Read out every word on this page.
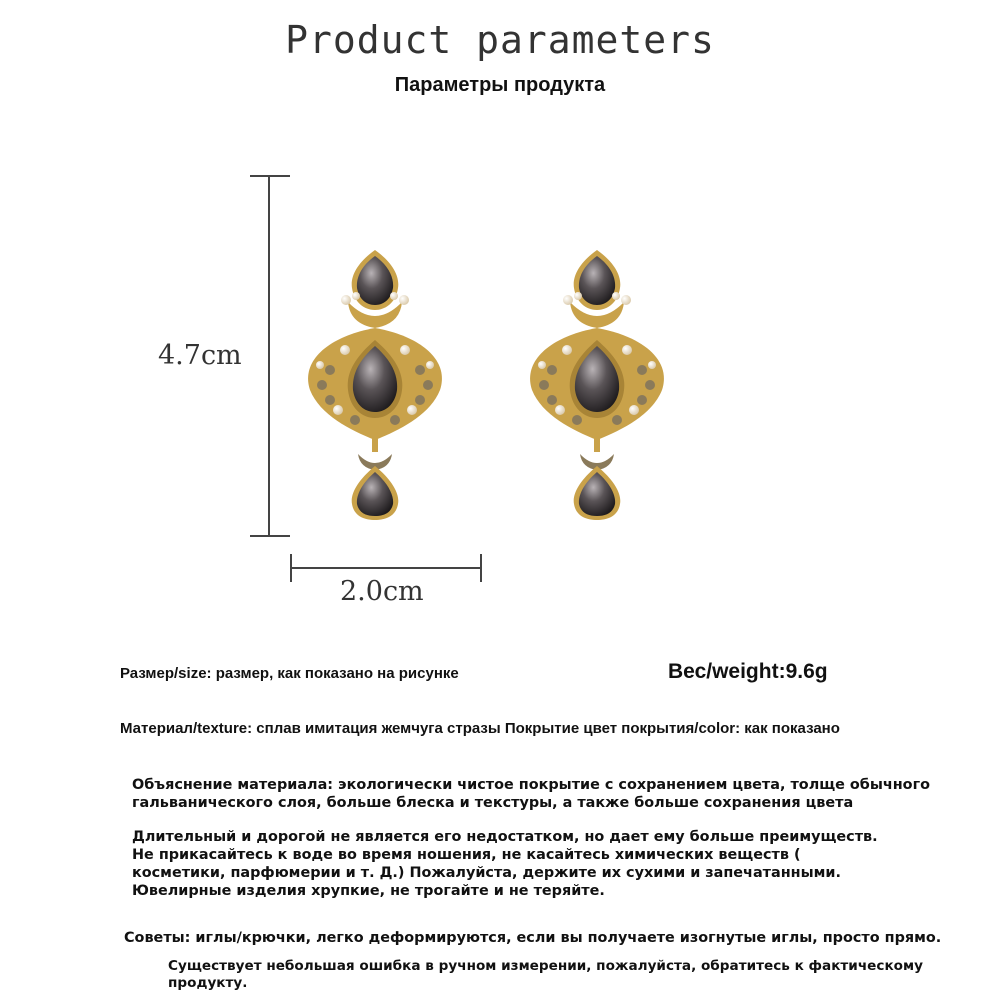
Product parameters
Параметры продукта
4.7cm
2.0cm
Размер/size: размер, как показано на рисунке	Вес/weight:9.6g
Материал/texture: сплав имитация жемчуга стразы Покрытие цвет покрытия/color: как показано
Объяснение материала: экологически чистое покрытие с сохранением цвета, толще обычного гальванического слоя, больше блеска и текстуры, а также больше сохранения цвета
Длительный и дорогой не является его недостатком, но дает ему больше преимуществ.
Не прикасайтесь к воде во время ношения, не касайтесь химических веществ (
косметики, парфюмерии и т. Д.) Пожалуйста, держите их сухими и запечатанными.
Ювелирные изделия хрупкие, не трогайте и не теряйте.
Советы: иглы/крючки, легко деформируются, если вы получаете изогнутые иглы, просто прямо.
Существует небольшая ошибка в ручном измерении, пожалуйста, обратитесь к фактическому продукту.
